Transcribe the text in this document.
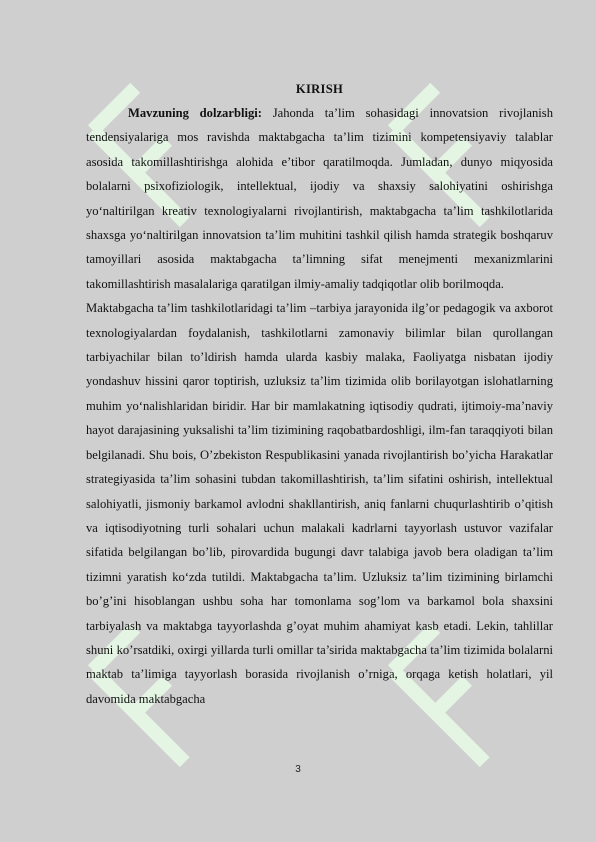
KIRISH

Mavzuning dolzarbligi: Jahonda ta’lim sohasidagi innovatsion rivojlanish tendensiyalariga mos ravishda maktabgacha ta’lim tizimini kompetensiyaviy talablar asosida takomillashtirishga alohida e’tibor qaratilmoqda. Jumladan, dunyo miqyosida bolalarni psixofiziologik, intellektual, ijodiy va shaxsiy salohiyatini oshirishga yo‘naltirilgan kreativ texnologiyalarni rivojlantirish, maktabgacha ta’lim tashkilotlarida shaxsga yo‘naltirilgan innovatsion ta’lim muhitini tashkil qilish hamda strategik boshqaruv tamoyillari asosida maktabgacha ta’limning sifat menejmenti mexanizmlarini takomillashtirish masalalariga qaratilgan ilmiy-amaliy tadqiqotlar olib borilmoqda.

Maktabgacha ta’lim tashkilotlaridagi ta’lim –tarbiya jarayonida ilg’or pedagogik va axborot texnologiyalardan foydalanish, tashkilotlarni zamonaviy bilimlar bilan qurollangan tarbiyachilar bilan to’ldirish hamda ularda kasbiy malaka, Faoliyatga nisbatan ijodiy yondashuv hissini qaror toptirish, uzluksiz ta’lim tizimida olib borilayotgan islohatlarning muhim yo‘nalishlaridan biridir. Har bir mamlakatning iqtisodiy qudrati, ijtimoiy-ma’naviy hayot darajasining yuksalishi ta’lim tizimining raqobatbardoshligi, ilm-fan taraqqiyoti bilan belgilanadi. Shu bois, O’zbekiston Respublikasini yanada rivojlantirish bo’yicha Harakatlar strategiyasida ta’lim sohasini tubdan takomillashtirish, ta’lim sifatini oshirish, intellektual salohiyatli, jismoniy barkamol avlodni shakllantirish, aniq fanlarni chuqurlashtirib o’qitish va iqtisodiyotning turli sohalari uchun malakali kadrlarni tayyorlash ustuvor vazifalar sifatida belgilangan bo’lib, pirovardida bugungi davr talabiga javob bera oladigan ta’lim tizimni yaratish ko‘zda tutildi. Maktabgacha ta’lim. Uzluksiz ta’lim tizimining birlamchi bo’g’ini hisoblangan ushbu soha har tomonlama sog’lom va barkamol bola shaxsini tarbiyalash va maktabga tayyorlashda g’oyat muhim ahamiyat kasb etadi. Lekin, tahlillar shuni ko’rsatdiki, oxirgi yillarda turli omillar ta’sirida maktabgacha ta’lim tizimida bolalarni maktab ta’limiga tayyorlash borasida rivojlanish o’rniga, orqaga ketish holatlari, yil davomida maktabgacha

3
